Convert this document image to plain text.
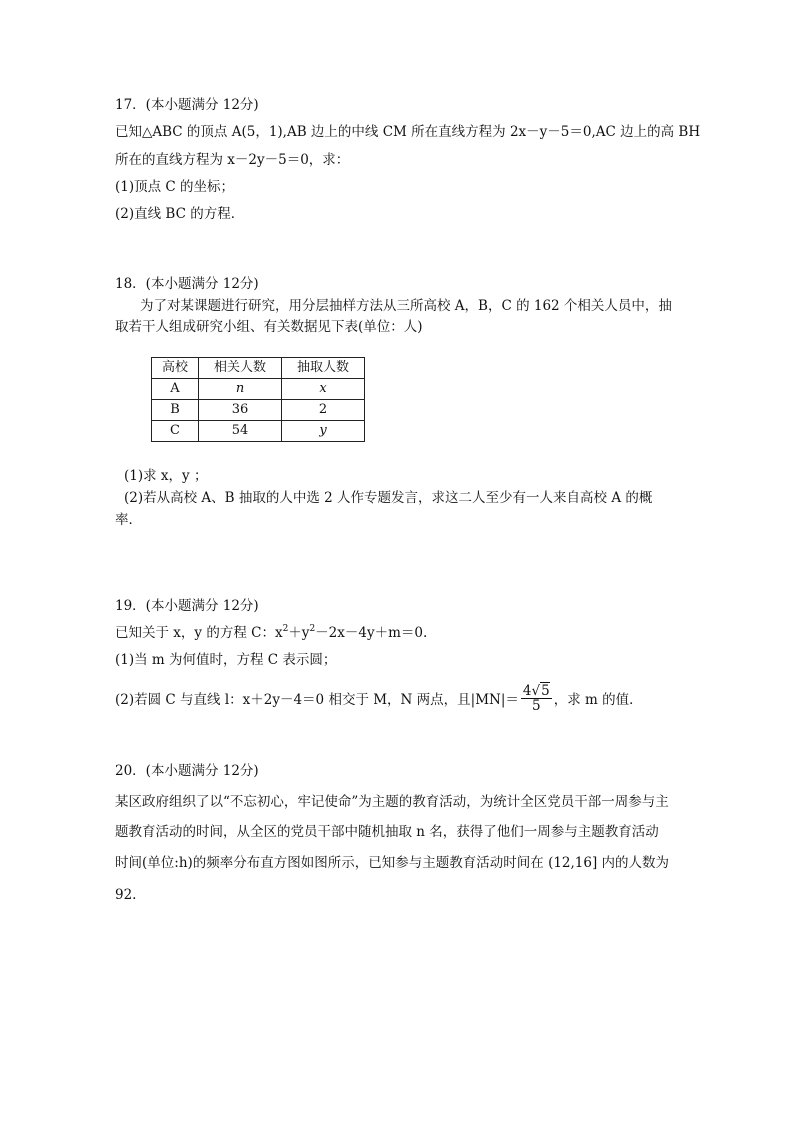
17．(本小题满分 12分)
已知△ABC 的顶点 A(5，1),AB 边上的中线 CM 所在直线方程为 2x－y－5＝0,AC 边上的高 BH
所在的直线方程为 x－2y－5＝0，求：
(1)顶点 C 的坐标；
(2)直线 BC 的方程．
18．(本小题满分 12分)
为了对某课题进行研究，用分层抽样方法从三所高校 A，B，C 的 162 个相关人员中，抽
取若干人组成研究小组、有关数据见下表(单位：人)
高校	相关人数	抽取人数
A	n	x
B	36	2
C	54	y
(1)求 x，y ；
(2)若从高校 A、B 抽取的人中选 2 人作专题发言，求这二人至少有一人来自高校 A 的概
率．
19．(本小题满分 12分)
已知关于 x，y 的方程 C：$x^2+y^2-2x-4y+m=0$.
(1)当 m 为何值时，方程 C 表示圆；
(2)若圆 C 与直线 l：x＋2y－4＝0 相交于 M，N 两点，且$|MN|= \frac{4√5}{5}$ ，求 m 的值．
20．(本小题满分 12分)
某区政府组织了以“不忘初心，牢记使命”为主题的教育活动，为统计全区党员干部一周参与主
题教育活动的时间，从全区的党员干部中随机抽取 n 名，获得了他们一周参与主题教育活动
时间(单位:h)的频率分布直方图如图所示，已知参与主题教育活动时间在 (12,16] 内的人数为
92.
